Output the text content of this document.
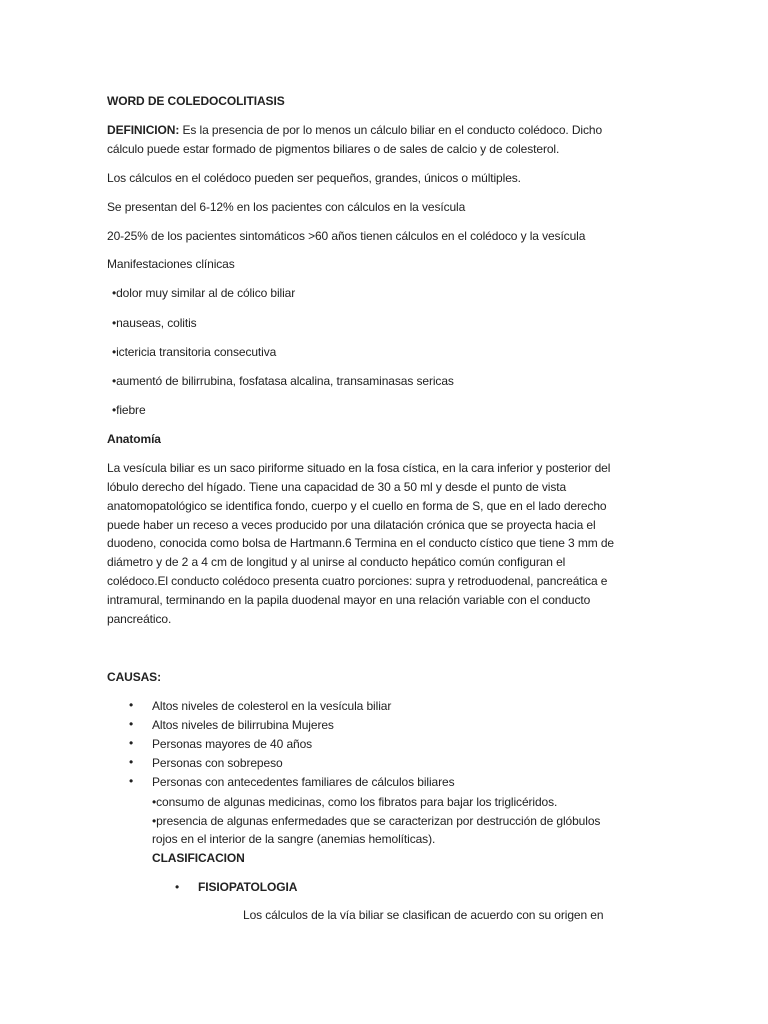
WORD DE COLEDOCOLITIASIS
DEFINICION: Es la presencia de por lo menos un cálculo biliar en el conducto colédoco. Dicho
cálculo puede estar formado de pigmentos biliares o de sales de calcio y de colesterol.
Los cálculos en el colédoco pueden ser pequeños, grandes, únicos o múltiples.
Se presentan del 6-12% en los pacientes con cálculos en la vesícula
20-25% de los pacientes sintomáticos >60 años tienen cálculos en el colédoco y la vesícula
Manifestaciones clínicas
•dolor muy similar al de cólico biliar
•nauseas, colitis
•ictericia transitoria consecutiva
•aumentó de bilirrubina, fosfatasa alcalina, transaminasas sericas
•fiebre
Anatomía
La vesícula biliar es un saco piriforme situado en la fosa cística, en la cara inferior y posterior del
lóbulo derecho del hígado. Tiene una capacidad de 30 a 50 ml y desde el punto de vista
anatomopatológico se identifica fondo, cuerpo y el cuello en forma de S, que en el lado derecho
puede haber un receso a veces producido por una dilatación crónica que se proyecta hacia el
duodeno, conocida como bolsa de Hartmann.6 Termina en el conducto cístico que tiene 3 mm de
diámetro y de 2 a 4 cm de longitud y al unirse al conducto hepático común configuran el
colédoco.El conducto colédoco presenta cuatro porciones: supra y retroduodenal, pancreática e
intramural, terminando en la papila duodenal mayor en una relación variable con el conducto
pancreático.
CAUSAS:
• Altos niveles de colesterol en la vesícula biliar
• Altos niveles de bilirrubina Mujeres
• Personas mayores de 40 años
• Personas con sobrepeso
• Personas con antecedentes familiares de cálculos biliares
•consumo de algunas medicinas, como los fibratos para bajar los triglicéridos.
•presencia de algunas enfermedades que se caracterizan por destrucción de glóbulos
rojos en el interior de la sangre (anemias hemolíticas).
CLASIFICACION
• FISIOPATOLOGIA
Los cálculos de la vía biliar se clasifican de acuerdo con su origen en
